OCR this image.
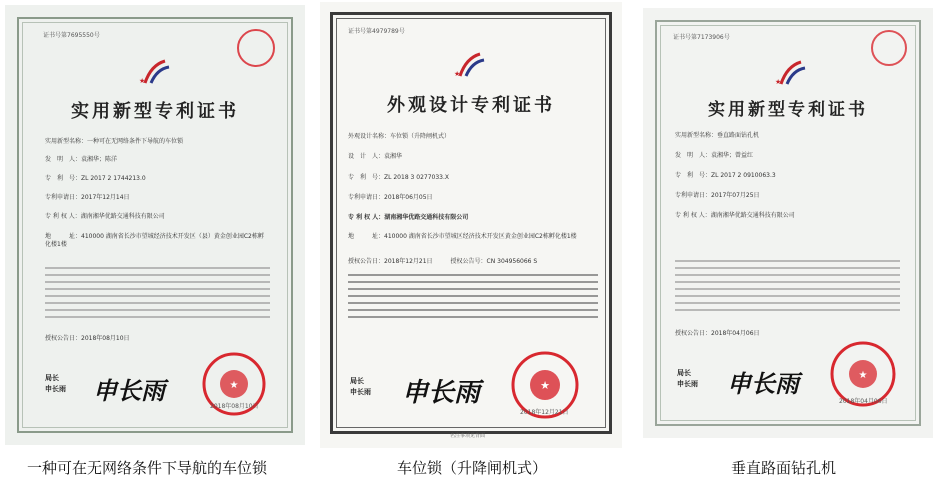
证书号第7695550号
★
实用新型专利证书
实用新型名称：一种可在无网络条件下导航的车位锁
发　明　人：袁湘华；陈洋
专　利　号：ZL 2017 2 1744213.0
专利申请日：2017年12月14日
专 利 权 人：湖南湘华优路交通科技有限公司
地　　　址：410000 湖南省长沙市望城经济技术开发区（县）黄金创业园C2栋孵化楼1楼
授权公告日：2018年08月10日
局长
申长雨 申长雨	★
2018年08月10日
证书号第4979789号
★
外观设计专利证书
外观设计名称：车位锁（升降闸机式）
设　计　人：袁湘华
专　利　号：ZL 2018 3 0277033.X
专利申请日：2018年06月05日
专 利 权 人：湖南湘华优路交通科技有限公司
地　　　址：410000 湖南省长沙市望城区经济技术开发区黄金创业园C2栋孵化楼1楼
授权公告日：2018年12月21日　　　授权公告号：CN 304956066 S
局长
申长雨 申长雨	★
2018年12月21日
名注事项见背面
证书号第7173906号
★
实用新型专利证书
实用新型名称：垂直路面钻孔机
发　明　人：袁湘华；曾益红
专　利　号：ZL 2017 2 0910063.3
专利申请日：2017年07月25日
专 利 权 人：湖南湘华优路交通科技有限公司
授权公告日：2018年04月06日
局长
申长雨 申长雨	★
2018年04月06日
一种可在无网络条件下导航的车位锁	车位锁（升降闸机式）	垂直路面钻孔机
